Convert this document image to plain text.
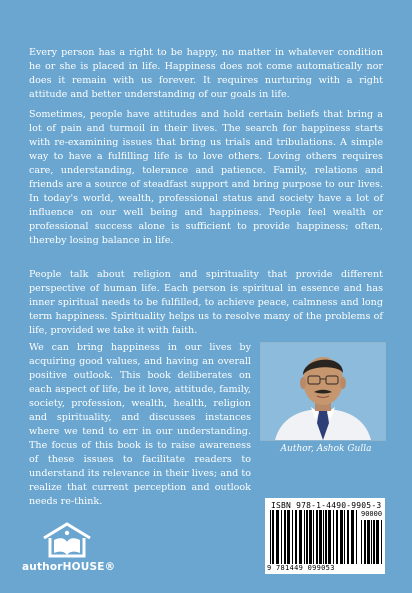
Every person has a right to be happy, no matter in whatever condition he or she is placed in life. Happiness does not come automatically nor does it remain with us forever. It requires nurturing with a right attitude and better understanding of our goals in life.

Sometimes, people have attitudes and hold certain beliefs that bring a lot of pain and turmoil in their lives. The search for happiness starts with re-examining issues that bring us trials and tribulations. A simple way to have a fulfilling life is to love others. Loving others requires care, understanding, tolerance and patience. Family, relations and friends are a source of steadfast support and bring purpose to our lives. In today's world, wealth, professional status and society have a lot of influence on our well being and happiness. People feel wealth or professional success alone is sufficient to provide happiness; often, thereby losing balance in life.

People talk about religion and spirituality that provide different perspective of human life. Each person is spiritual in essence and has inner spiritual needs to be fulfilled, to achieve peace, calmness and long term happiness. Spirituality helps us to resolve many of the problems of life, provided we take it with faith.

We can bring happiness in our lives by acquiring good values, and having an overall positive outlook. This book deliberates on each aspect of life, be it love, attitude, family, society, profession, wealth, health, religion and spirituality, and discusses instances where we tend to err in our understanding. The focus of this book is to raise awareness of these issues to facilitate readers to understand its relevance in their lives; and to realize that current perception and outlook needs re-think.

Author, Ashok Gulla
authorHOUSE®
ISBN 978-1-4490-9905-3
90000
9 781449 099053
